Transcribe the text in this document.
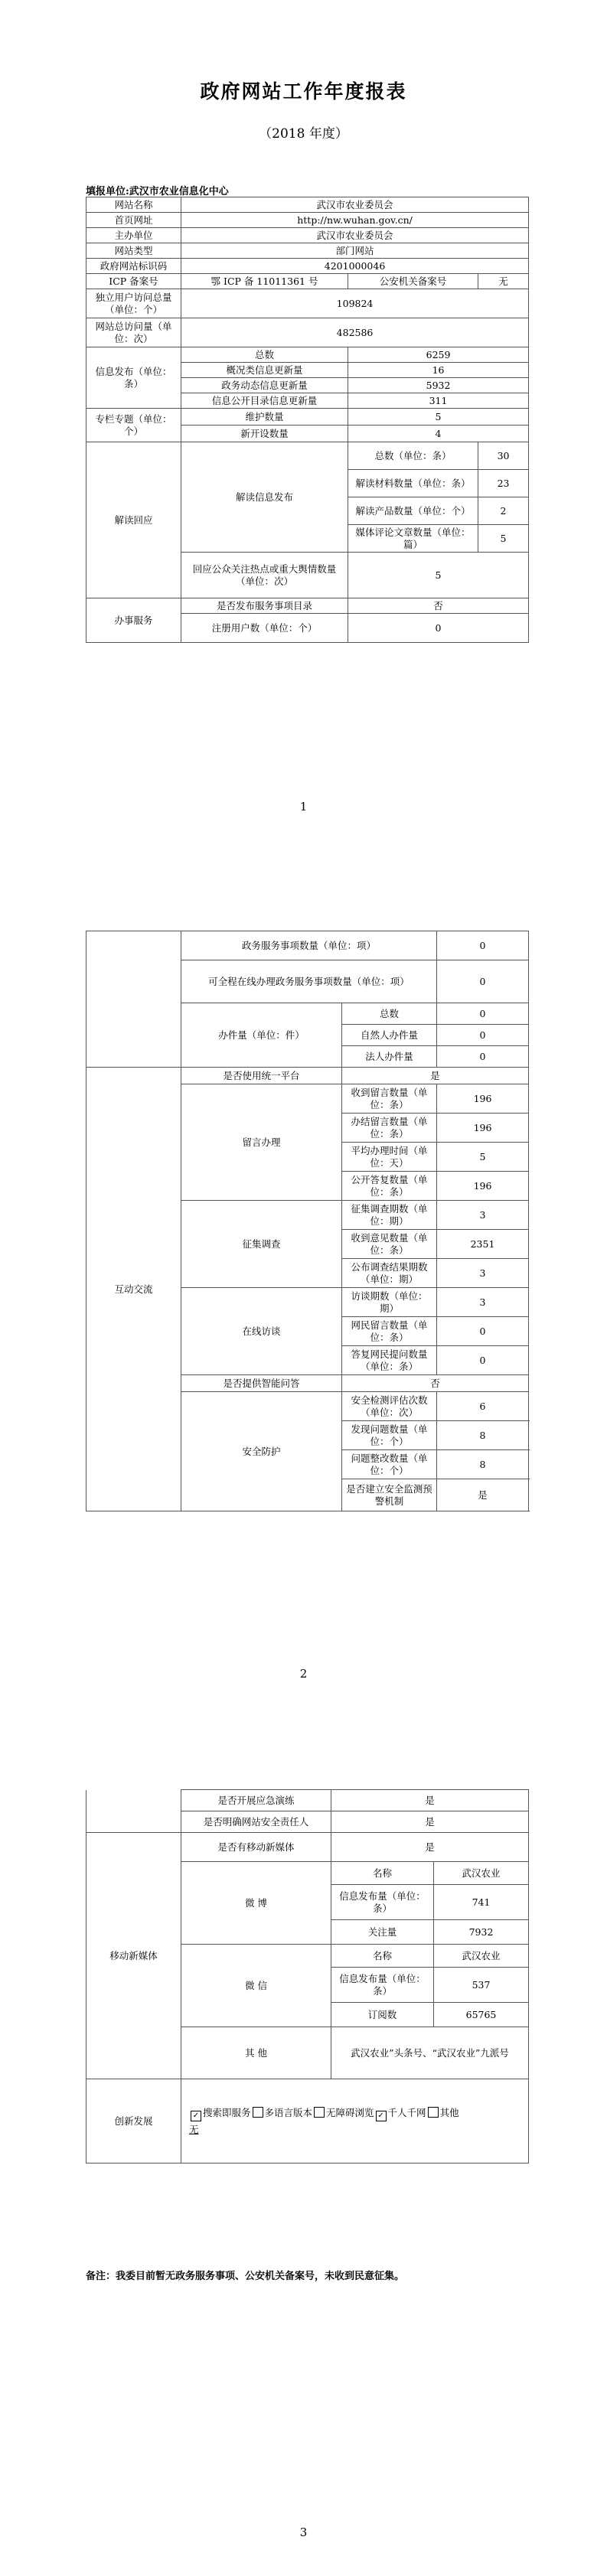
政府网站工作年度报表
（2018 年度）
填报单位:武汉市农业信息化中心
网站名称	武汉市农业委员会		
首页网址	http://nw.wuhan.gov.cn/		
主办单位	武汉市农业委员会		
网站类型	部门网站		
政府网站标识码	4201000046		
ICP 备案号	鄂 ICP 备 11011361 号	公安机关备案号	无
独立用户访问总量（单位：个）	109824		
网站总访问量（单位：次）	482586		
信息发布（单位：条）	总数	6259	
	概况类信息更新量	16	
	政务动态信息更新量	5932	
	信息公开目录信息更新量	311	
专栏专题（单位：个）	维护数量	5	
	新开设数量	4	
解读回应	解读信息发布	总数（单位：条）	30
		解读材料数量（单位：条）	23
		解读产品数量（单位：个）	2
		媒体评论文章数量（单位：篇）	5
	回应公众关注热点或重大舆情数量（单位：次）	5	
办事服务	是否发布服务事项目录	否	
	注册用户数（单位：个）	0	
1
	政务服务事项数量（单位：项）		0
	可全程在线办理政务服务事项数量（单位：项）		0
	办件量（单位：件）	总数	0
		自然人办件量	0
		法人办件量	0
互动交流	是否使用统一平台	是	
	留言办理	收到留言数量（单位：条）	196
		办结留言数量（单位：条）	196
		平均办理时间（单位：天）	5
		公开答复数量（单位：条）	196
	征集调查	征集调查期数（单位：期）	3
		收到意见数量（单位：条）	2351
		公布调查结果期数（单位：期）	3
	在线访谈	访谈期数（单位：期）	3
		网民留言数量（单位：条）	0
		答复网民提问数量（单位：条）	0
	是否提供智能问答	否	
	安全防护	安全检测评估次数（单位：次）	6
		发现问题数量（单位：个）	8
		问题整改数量（单位：个）	8
		是否建立安全监测预警机制	是
2
	是否开展应急演练	是	
	是否明确网站安全责任人	是	
移动新媒体	是否有移动新媒体	是	
	微 博	名称	武汉农业
		信息发布量（单位：条）	741
		关注量	7932
	微 信	名称	武汉农业
		信息发布量（单位：条）	537
		订阅数	65765
	其 他	武汉农业”头条号、“武汉农业”九派号	
创新发展	✓ 搜索即服务 多语言版本 无障碍浏览 ✓ 千人千网 其他
无		
备注：我委目前暂无政务服务事项、公安机关备案号，未收到民意征集。
3
